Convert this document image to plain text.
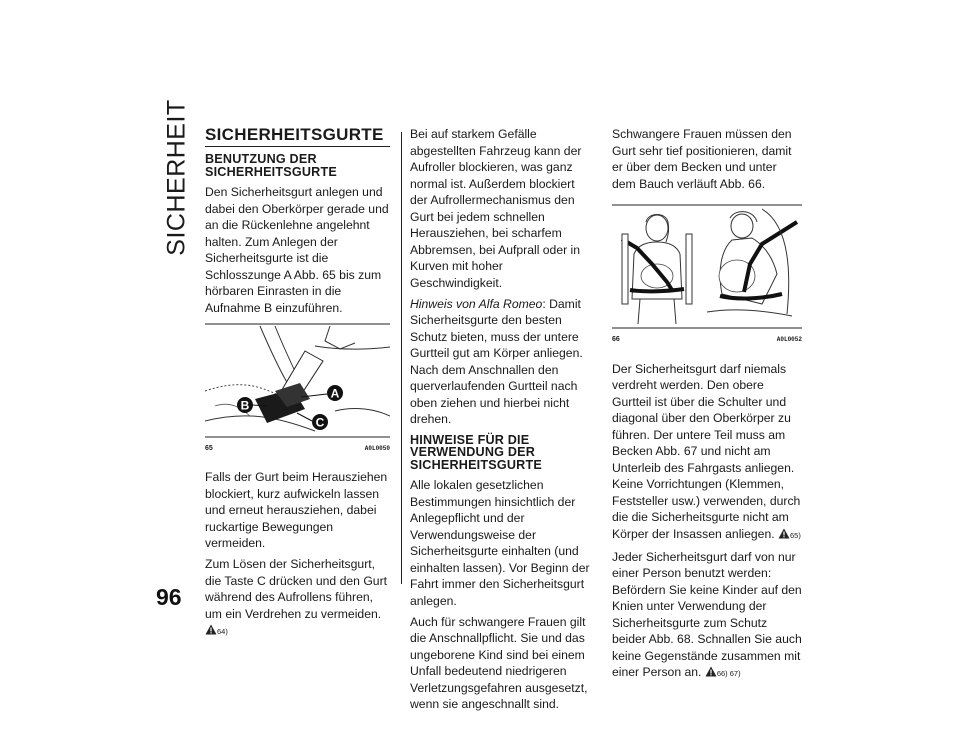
SICHERHEIT
96
SICHERHEITSGURTE
BENUTZUNG DER SICHERHEITSGURTE

Den Sicherheitsgurt anlegen und dabei den Oberkörper gerade und an die Rückenlehne angelehnt halten. Zum Anlegen der Sicherheitsgurte ist die Schlosszunge A Abb. 65 bis zum hörbaren Einrasten in die Aufnahme B einzuführen.

A
B
C
65	A0L0050

Falls der Gurt beim Herausziehen blockiert, kurz aufwickeln lassen und erneut herausziehen, dabei ruckartige Bewegungen vermeiden.

Zum Lösen der Sicherheitsgurt, die Taste C drücken und den Gurt während des Aufrollens führen, um ein Verdrehen zu vermeiden. 64)

Bei auf starkem Gefälle abgestellten Fahrzeug kann der Aufroller blockieren, was ganz normal ist. Außerdem blockiert der Aufrollermechanismus den Gurt bei jedem schnellen Herausziehen, bei scharfem Abbremsen, bei Aufprall oder in Kurven mit hoher Geschwindigkeit.

Hinweis von Alfa Romeo: Damit Sicherheitsgurte den besten Schutz bieten, muss der untere Gurtteil gut am Körper anliegen. Nach dem Anschnallen den querverlaufenden Gurtteil nach oben ziehen und hierbei nicht drehen.

HINWEISE FÜR DIE VERWENDUNG DER SICHERHEITSGURTE

Alle lokalen gesetzlichen Bestimmungen hinsichtlich der Anlegepflicht und der Verwendungsweise der Sicherheitsgurte einhalten (und einhalten lassen). Vor Beginn der Fahrt immer den Sicherheitsgurt anlegen.

Auch für schwangere Frauen gilt die Anschnallpflicht. Sie und das ungeborene Kind sind bei einem Unfall bedeutend niedrigeren Verletzungsgefahren ausgesetzt, wenn sie angeschnallt sind.

Schwangere Frauen müssen den Gurt sehr tief positionieren, damit er über dem Becken und unter dem Bauch verläuft Abb. 66.

66	A0L0052

Der Sicherheitsgurt darf niemals verdreht werden. Den obere Gurtteil ist über die Schulter und diagonal über den Oberkörper zu führen. Der untere Teil muss am Becken Abb. 67 und nicht am Unterleib des Fahrgasts anliegen. Keine Vorrichtungen (Klemmen, Feststeller usw.) verwenden, durch die die Sicherheitsgurte nicht am Körper der Insassen anliegen. 65)

Jeder Sicherheitsgurt darf von nur einer Person benutzt werden: Befördern Sie keine Kinder auf den Knien unter Verwendung der Sicherheitsgurte zum Schutz beider Abb. 68. Schnallen Sie auch keine Gegenstände zusammen mit einer Person an. 66) 67)
